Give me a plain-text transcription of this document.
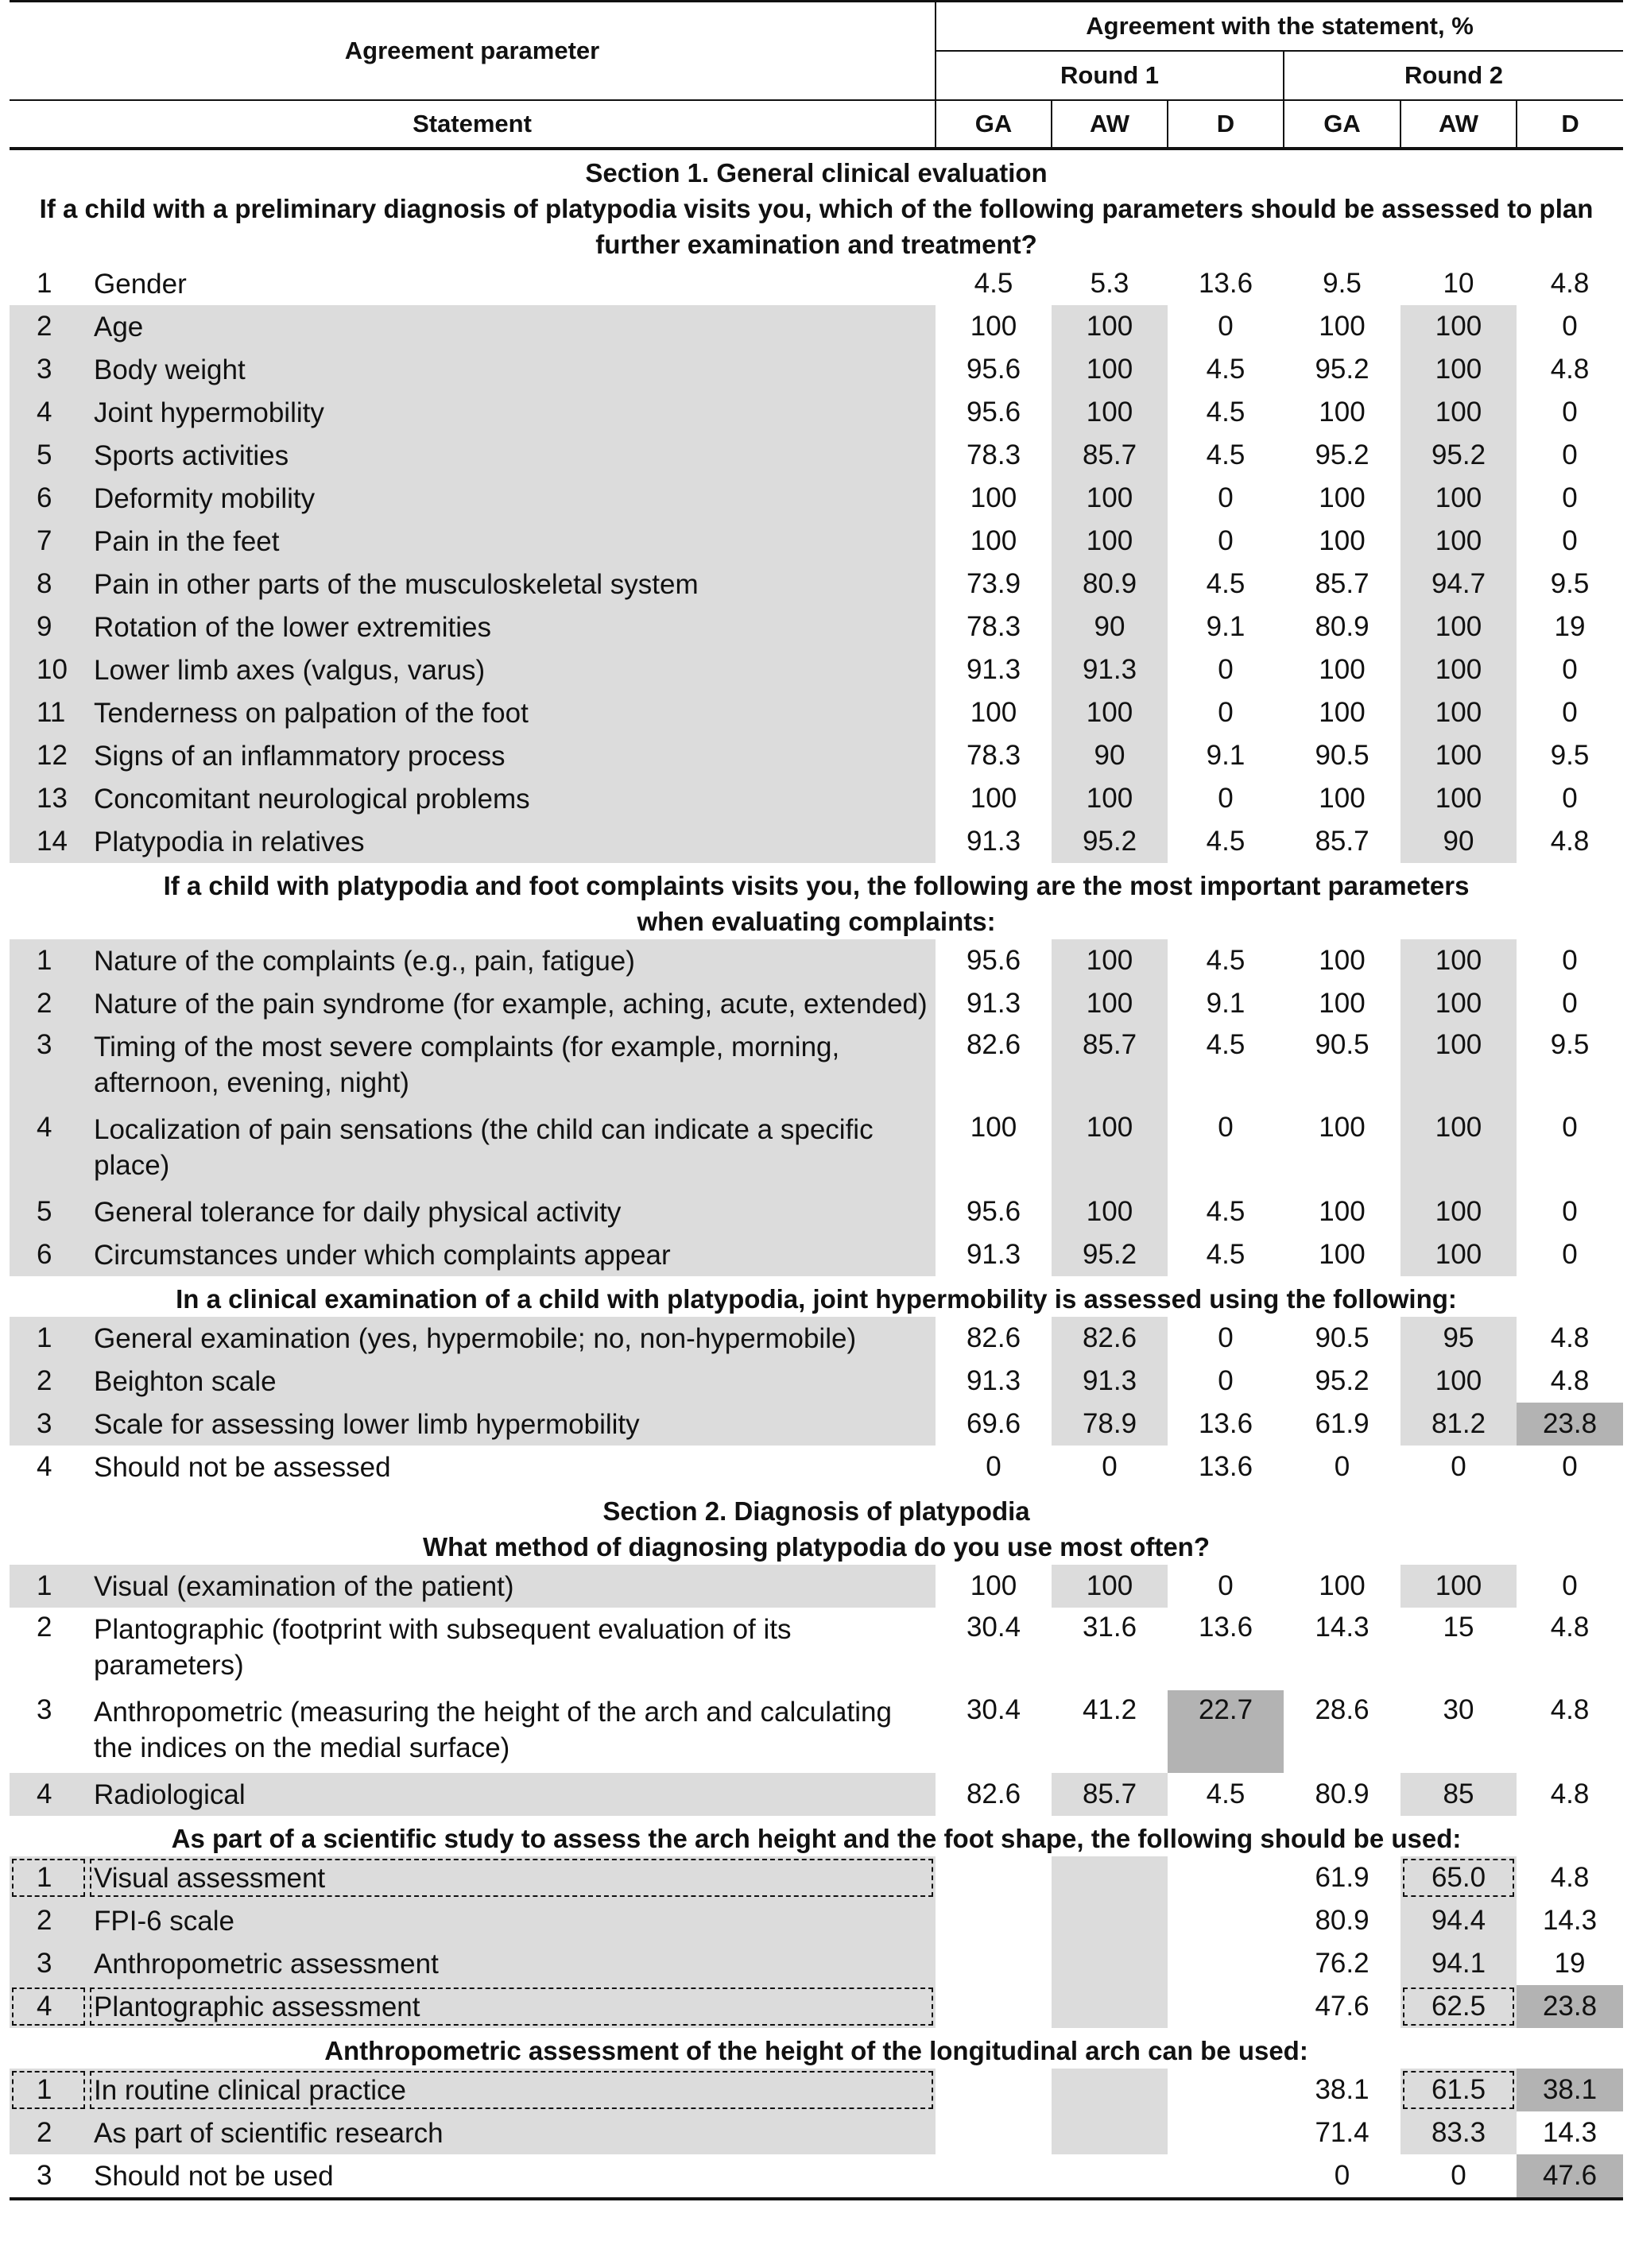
Agreement parameter		Agreement with the statement, %					
		Round 1			Round 2		
Statement		GA	AW	D	GA	AW	D

Section 1. General clinical evaluation
If a child with a preliminary diagnosis of platypodia visits you, which of the following parameters should be assessed to plan further examination and treatment?							

1	Gender	4.5	5.3	13.6	9.5	10	4.8
2	Age	100	100	0	100	100	0
3	Body weight	95.6	100	4.5	95.2	100	4.8
4	Joint hypermobility	95.6	100	4.5	100	100	0
5	Sports activities	78.3	85.7	4.5	95.2	95.2	0
6	Deformity mobility	100	100	0	100	100	0
7	Pain in the feet	100	100	0	100	100	0
8	Pain in other parts of the musculoskeletal system	73.9	80.9	4.5	85.7	94.7	9.5
9	Rotation of the lower extremities	78.3	90	9.1	80.9	100	19
10	Lower limb axes (valgus, varus)	91.3	91.3	0	100	100	0
11	Tenderness on palpation of the foot	100	100	0	100	100	0
12	Signs of an inflammatory process	78.3	90	9.1	90.5	100	9.5
13	Concomitant neurological problems	100	100	0	100	100	0
14	Platypodia in relatives	91.3	95.2	4.5	85.7	90	4.8

If a child with platypodia and foot complaints visits you, the following are the most important parameters when evaluating complaints:							

1	Nature of the complaints (e.g., pain, fatigue)	95.6	100	4.5	100	100	0
2	Nature of the pain syndrome (for example, aching, acute, extended)	91.3	100	9.1	100	100	0
3	Timing of the most severe complaints (for example, morning, afternoon, evening, night)	82.6	85.7	4.5	90.5	100	9.5
4	Localization of pain sensations (the child can indicate a specific place)	100	100	0	100	100	0
5	General tolerance for daily physical activity	95.6	100	4.5	100	100	0
6	Circumstances under which complaints appear	91.3	95.2	4.5	100	100	0

In a clinical examination of a child with platypodia, joint hypermobility is assessed using the following:							

1	General examination (yes, hypermobile; no, non-hypermobile)	82.6	82.6	0	90.5	95	4.8
2	Beighton scale	91.3	91.3	0	95.2	100	4.8
3	Scale for assessing lower limb hypermobility	69.6	78.9	13.6	61.9	81.2	23.8
4	Should not be assessed	0	0	13.6	0	0	0

Section 2. Diagnosis of platypodia
What method of diagnosing platypodia do you use most often?							

1	Visual (examination of the patient)	100	100	0	100	100	0
2	Plantographic (footprint with subsequent evaluation of its parameters)	30.4	31.6	13.6	14.3	15	4.8
3	Anthropometric (measuring the height of the arch and calculating the indices on the medial surface)	30.4	41.2	22.7	28.6	30	4.8
4	Radiological	82.6	85.7	4.5	80.9	85	4.8

As part of a scientific study to assess the arch height and the foot shape, the following should be used:							

1	Visual assessment				61.9	65.0	4.8
2	FPI-6 scale				80.9	94.4	14.3
3	Anthropometric assessment				76.2	94.1	19
4	Plantographic assessment				47.6	62.5	23.8

Anthropometric assessment of the height of the longitudinal arch can be used:							

1	In routine clinical practice				38.1	61.5	38.1
2	As part of scientific research				71.4	83.3	14.3
3	Should not be used				0	0	47.6
